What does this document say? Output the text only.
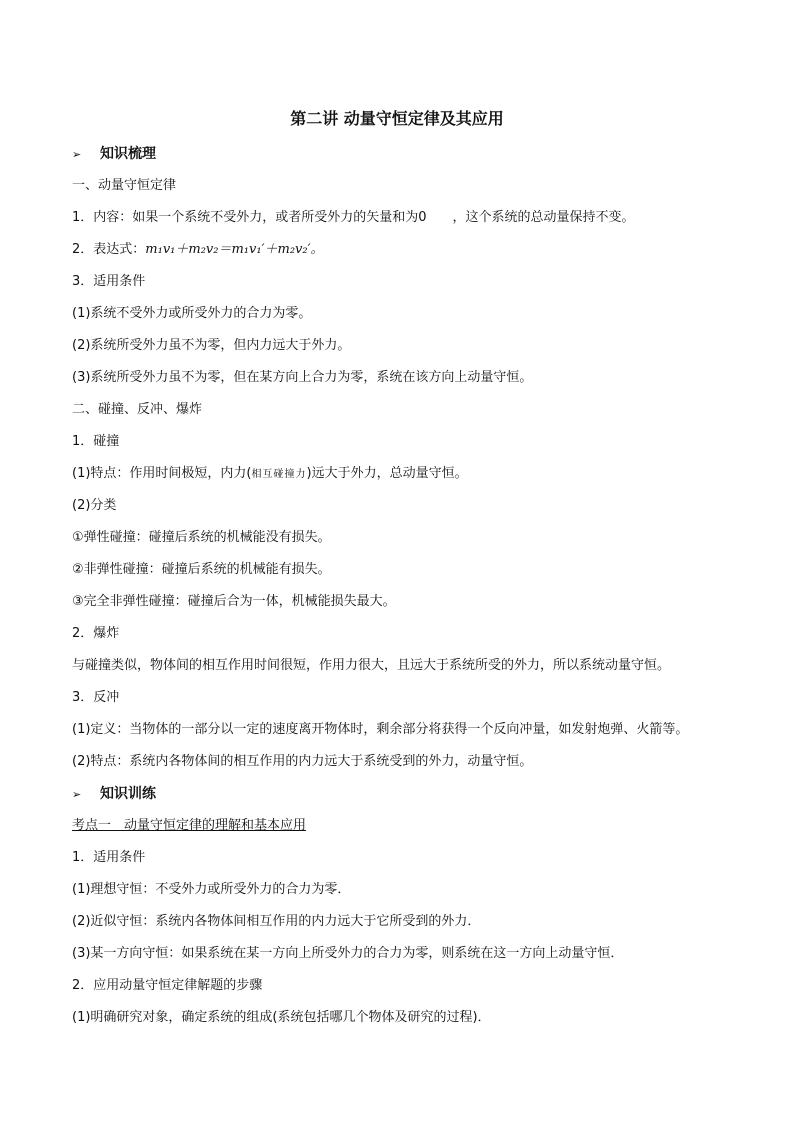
第二讲 动量守恒定律及其应用
➢ 知识梳理
一、动量守恒定律
1．内容：如果一个系统不受外力，或者所受外力的矢量和为0　　，这个系统的总动量保持不变。
2．表达式：m₁v₁＋m₂v₂＝m₁v₁′＋m₂v₂′。
3．适用条件
(1)系统不受外力或所受外力的合力为零。
(2)系统所受外力虽不为零，但内力远大于外力。
(3)系统所受外力虽不为零，但在某方向上合力为零，系统在该方向上动量守恒。
二、碰撞、反冲、爆炸
1．碰撞
(1)特点：作用时间极短，内力(相互碰撞力)远大于外力，总动量守恒。
(2)分类
①弹性碰撞：碰撞后系统的机械能没有损失。
②非弹性碰撞：碰撞后系统的机械能有损失。
③完全非弹性碰撞：碰撞后合为一体，机械能损失最大。
2．爆炸
与碰撞类似，物体间的相互作用时间很短，作用力很大，且远大于系统所受的外力，所以系统动量守恒。
3．反冲
(1)定义：当物体的一部分以一定的速度离开物体时，剩余部分将获得一个反向冲量，如发射炮弹、火箭等。
(2)特点：系统内各物体间的相互作用的内力远大于系统受到的外力，动量守恒。
➢ 知识训练
考点一　动量守恒定律的理解和基本应用
1．适用条件
(1)理想守恒：不受外力或所受外力的合力为零．
(2)近似守恒：系统内各物体间相互作用的内力远大于它所受到的外力．
(3)某一方向守恒：如果系统在某一方向上所受外力的合力为零，则系统在这一方向上动量守恒．
2．应用动量守恒定律解题的步骤
(1)明确研究对象，确定系统的组成(系统包括哪几个物体及研究的过程)．
